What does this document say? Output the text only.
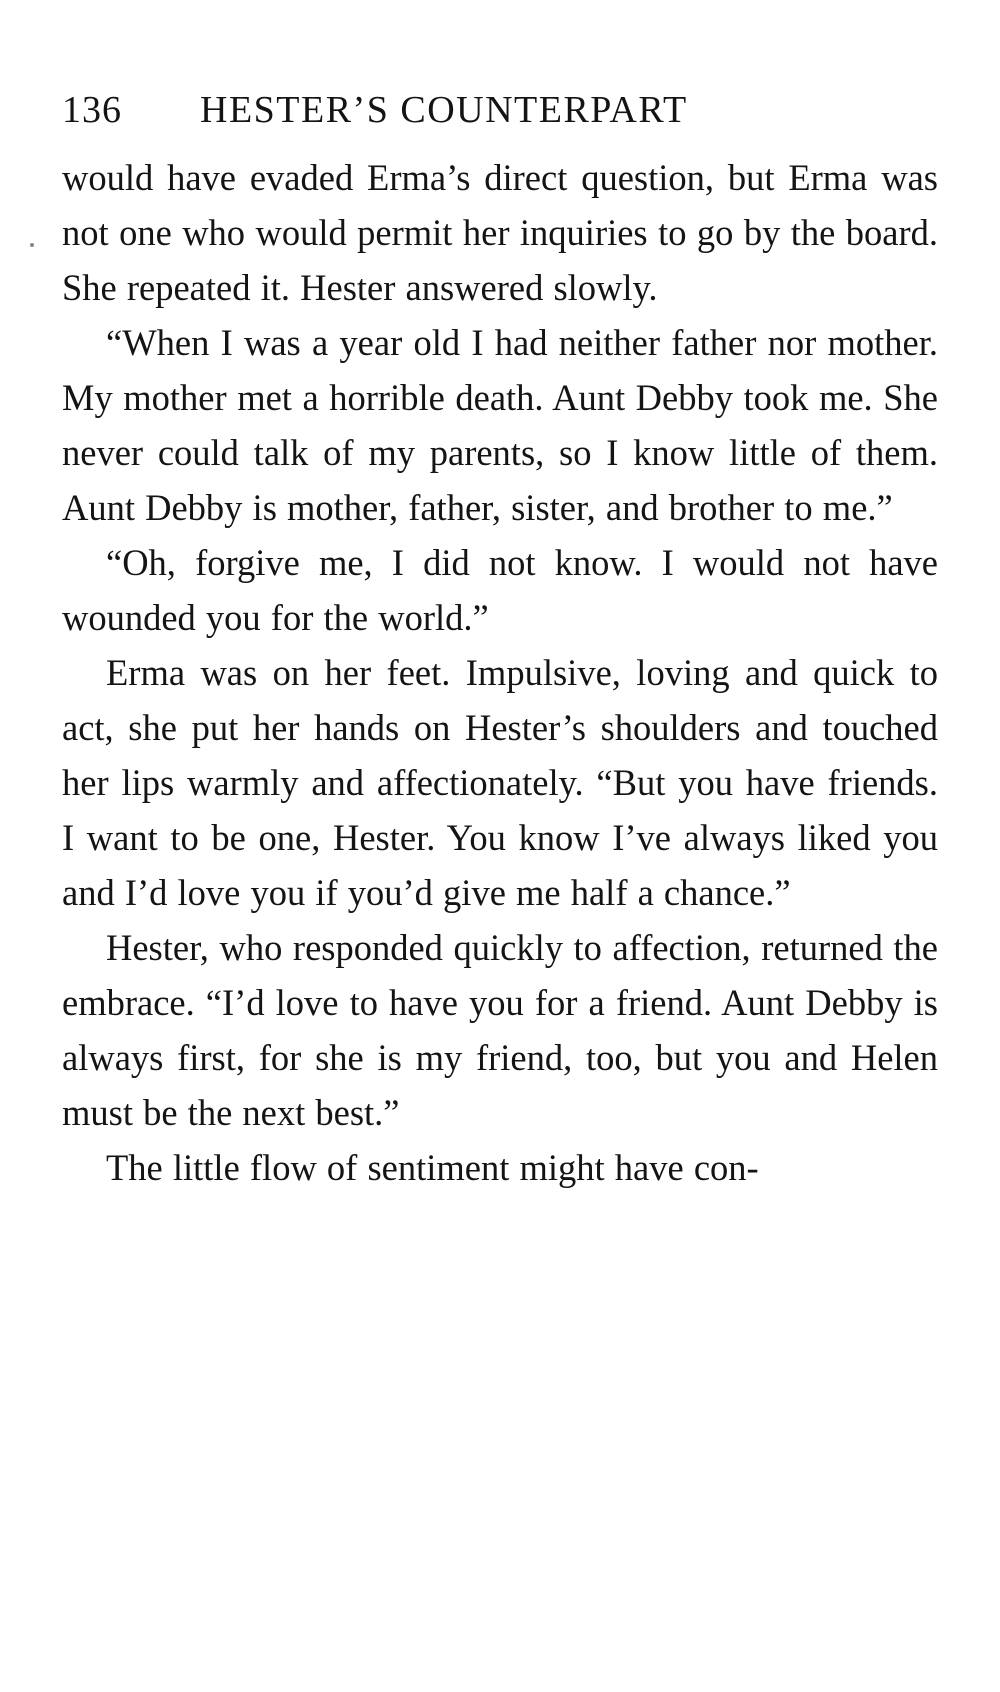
136	HESTER’S COUNTERPART

would have evaded Erma’s direct question, but Erma was not one who would permit her inquiries to go by the board. She repeated it. Hester answered slowly.

“When I was a year old I had neither father nor mother. My mother met a horrible death. Aunt Debby took me. She never could talk of my parents, so I know little of them. Aunt Debby is mother, father, sister, and brother to me.”

“Oh, forgive me, I did not know. I would not have wounded you for the world.”

Erma was on her feet. Impulsive, loving and quick to act, she put her hands on Hester’s shoulders and touched her lips warmly and affectionately. “But you have friends. I want to be one, Hester. You know I’ve always liked you and I’d love you if you’d give me half a chance.”

Hester, who responded quickly to affection, returned the embrace. “I’d love to have you for a friend. Aunt Debby is always first, for she is my friend, too, but you and Helen must be the next best.”

The little flow of sentiment might have con-
